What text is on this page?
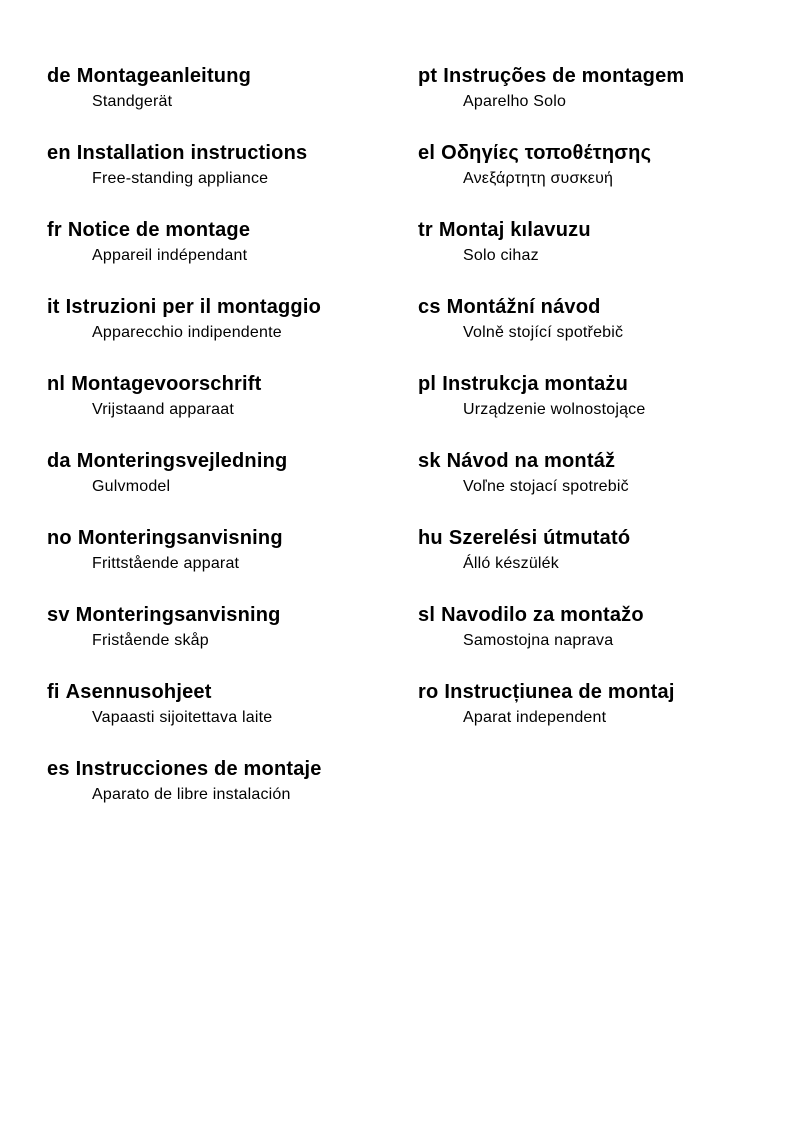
de Montageanleitung
Standgerät
en Installation instructions
Free-standing appliance
fr Notice de montage
Appareil indépendant
it Istruzioni per il montaggio
Apparecchio indipendente
nl Montagevoorschrift
Vrijstaand apparaat
da Monteringsvejledning
Gulvmodel
no Monteringsanvisning
Frittstående apparat
sv Monteringsanvisning
Fristående skåp
fi Asennusohjeet
Vapaasti sijoitettava laite
es Instrucciones de montaje
Aparato de libre instalación
pt Instruções de montagem
Aparelho Solo
el Οδηγίες τοποθέτησης
Ανεξάρτητη συσκευή
tr Montaj kılavuzu
Solo cihaz
cs Montážní návod
Volně stojící spotřebič
pl Instrukcja montażu
Urządzenie wolnostojące
sk Návod na montáž
Voľne stojací spotrebič
hu Szerelési útmutató
Álló készülék
sl Navodilo za montažo
Samostojna naprava
ro Instrucțiunea de montaj
Aparat independent
